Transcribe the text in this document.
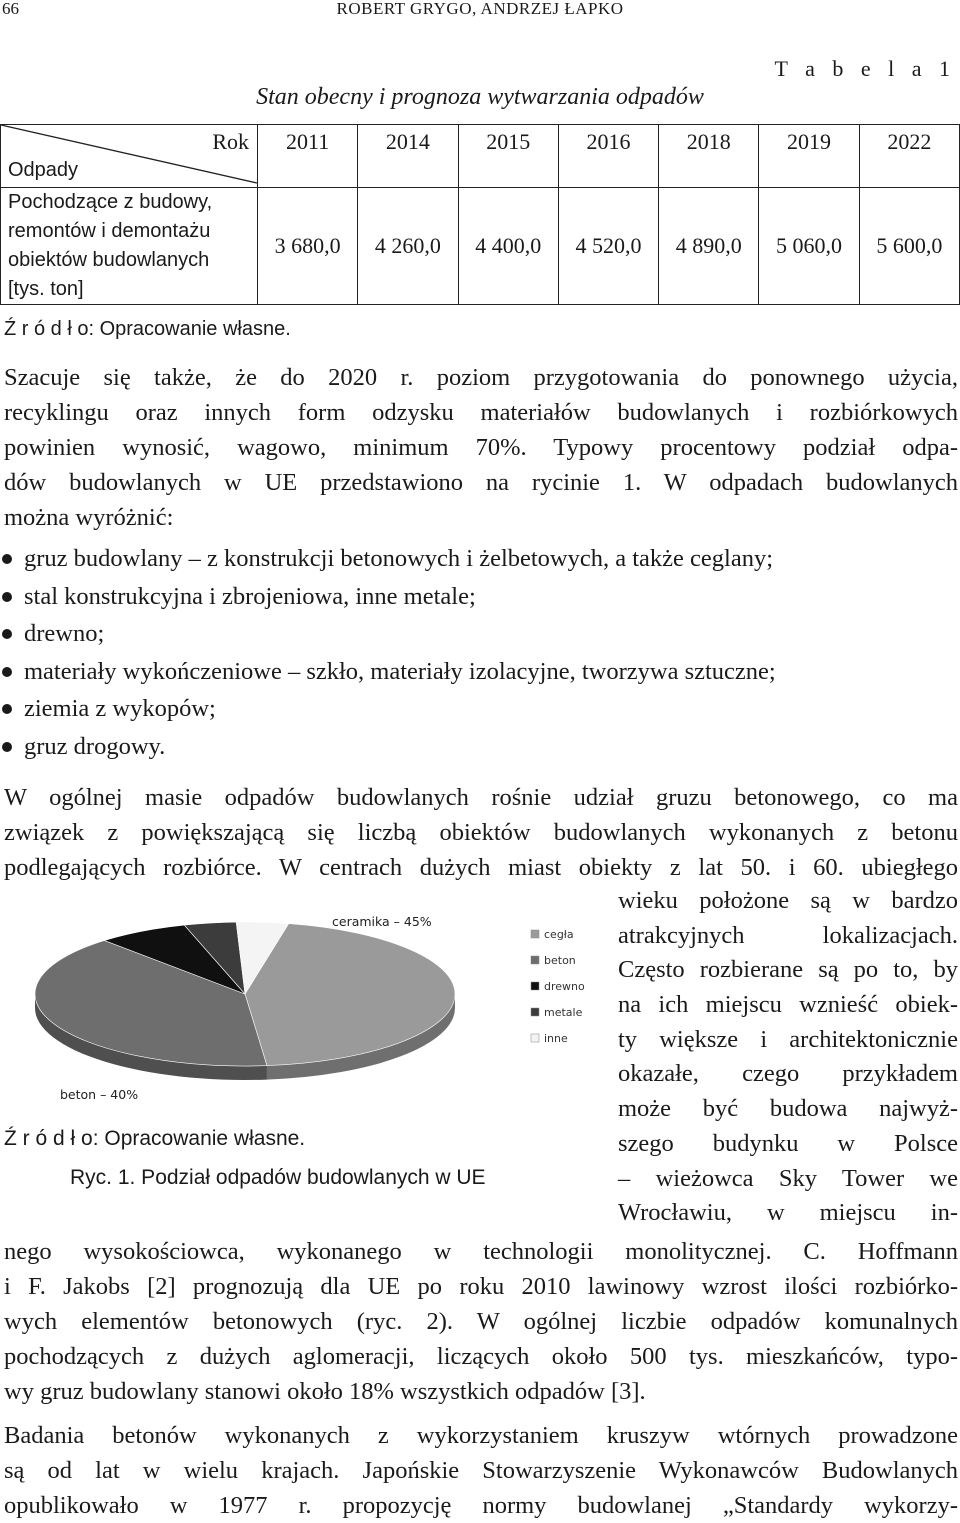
66	ROBERT GRYGO, ANDRZEJ ŁAPKO
T a b e l a 1
Stan obecny i prognoza wytwarzania odpadów
Rok
Odpady	2011	2014	2015	2016	2018	2019	2022

Pochodzące z budowy,
remontów i demontażu
obiektów budowlanych
[tys. ton]	3 680,0	4 260,0	4 400,0	4 520,0	4 890,0	5 060,0	5 600,0
Ź r ó d ł o: Opracowanie własne.
Szacuje się także, że do 2020 r. poziom przygotowania do ponownego użycia,
recyklingu oraz innych form odzysku materiałów budowlanych i rozbiórkowych
powinien wynosić, wagowo, minimum 70%. Typowy procentowy podział odpa-
dów budowlanych w UE przedstawiono na rycinie 1. W odpadach budowlanych
można wyróżnić:
gruz budowlany – z konstrukcji betonowych i żelbetowych, a także ceglany;
stal konstrukcyjna i zbrojeniowa, inne metale;
drewno;
materiały wykończeniowe – szkło, materiały izolacyjne, tworzywa sztuczne;
ziemia z wykopów;
gruz drogowy.
W ogólnej masie odpadów budowlanych rośnie udział gruzu betonowego, co ma
związek z powiększającą się liczbą obiektów budowlanych wykonanych z betonu
podlegających rozbiórce. W centrach dużych miast obiekty z lat 50. i 60. ubiegłego
cegła
beton
drewno
metale
inne
ceramika – 45%
beton – 40%
Ź r ó d ł o: Opracowanie własne.
Ryc. 1. Podział odpadów budowlanych w UE
wieku położone są w bardzo
atrakcyjnych lokalizacjach.
Często rozbierane są po to, by
na ich miejscu wznieść obiek-
ty większe i architektonicznie
okazałe, czego przykładem
może być budowa najwyż-
szego budynku w Polsce
– wieżowca Sky Tower we
Wrocławiu, w miejscu in-
nego wysokościowca, wykonanego w technologii monolitycznej. C. Hoffmann
i F. Jakobs [2] prognozują dla UE po roku 2010 lawinowy wzrost ilości rozbiórko-
wych elementów betonowych (ryc. 2). W ogólnej liczbie odpadów komunalnych
pochodzących z dużych aglomeracji, liczących około 500 tys. mieszkańców, typo-
wy gruz budowlany stanowi około 18% wszystkich odpadów [3].
Badania betonów wykonanych z wykorzystaniem kruszyw wtórnych prowadzone
są od lat w wielu krajach. Japońskie Stowarzyszenie Wykonawców Budowlanych
opublikowało w 1977 r. propozycję normy budowlanej „Standardy wykorzy-
